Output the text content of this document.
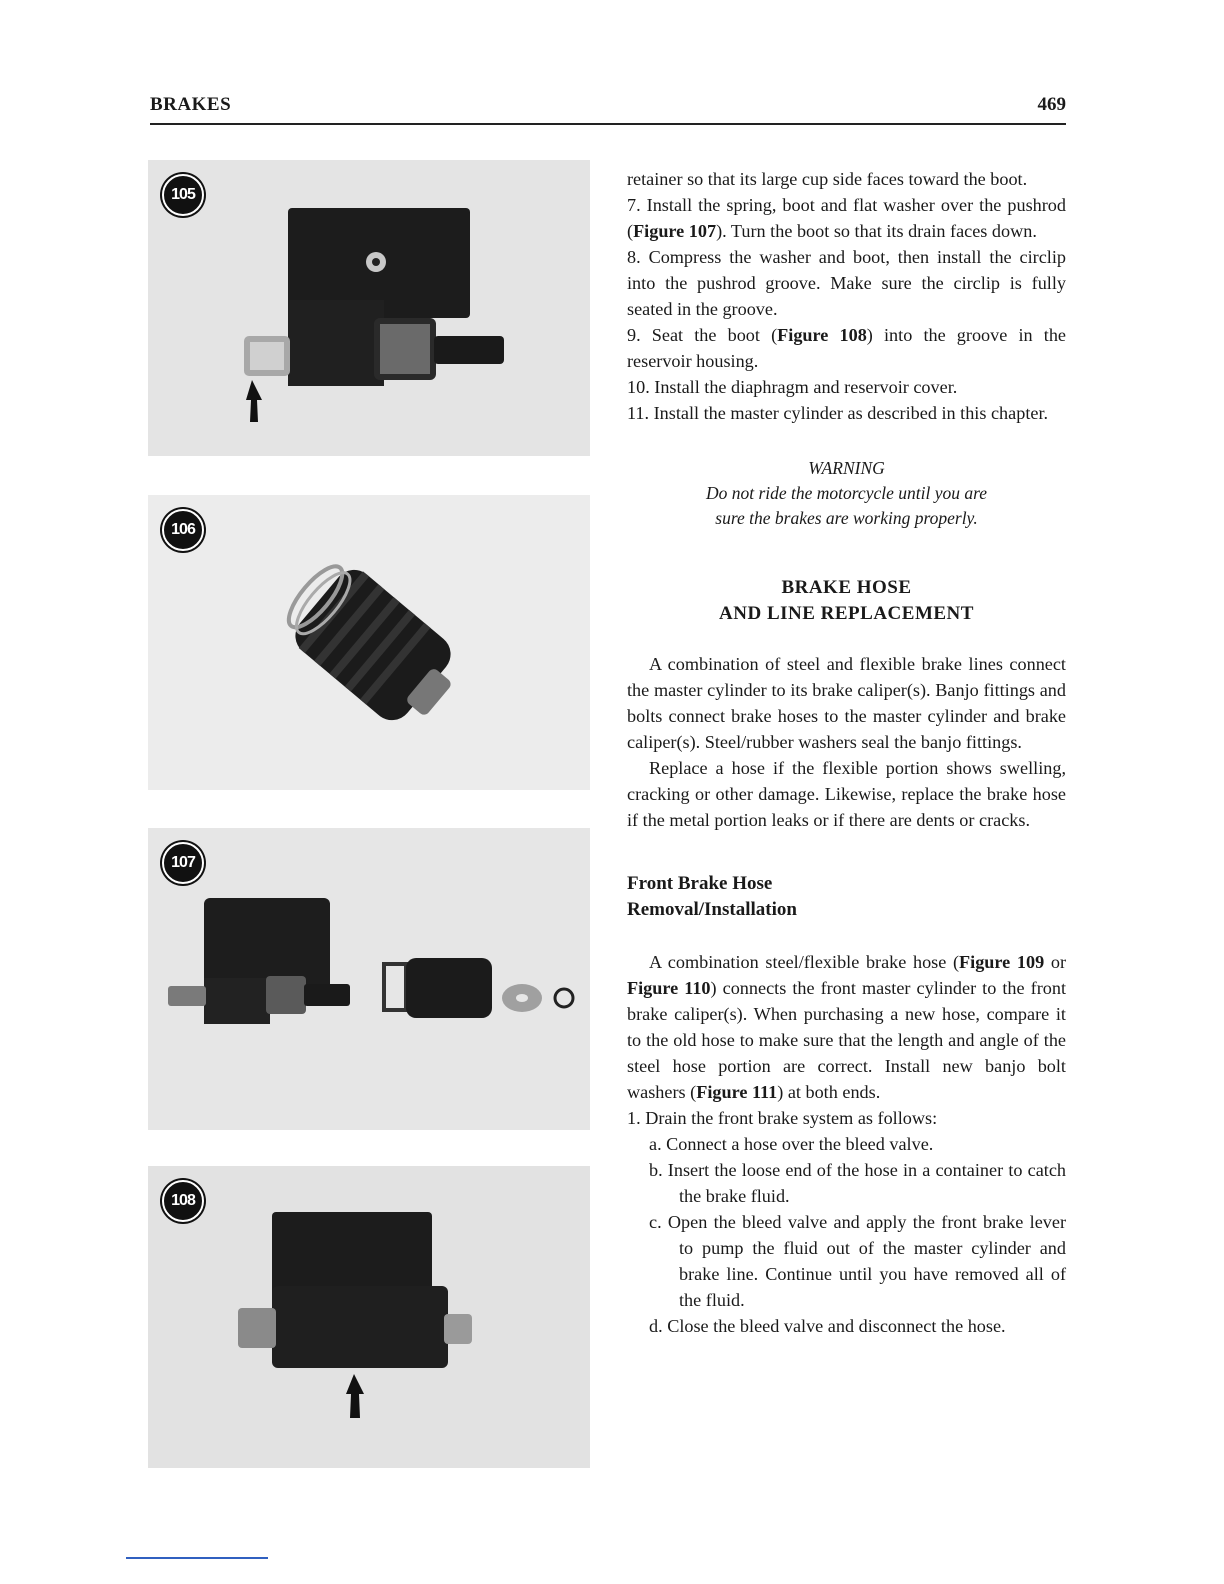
BRAKES	469
105
106
107
108

retainer so that its large cup side faces toward the boot.

7. Install the spring, boot and flat washer over the pushrod (Figure 107). Turn the boot so that its drain faces down.

8. Compress the washer and boot, then install the circlip into the pushrod groove. Make sure the circlip is fully seated in the groove.

9. Seat the boot (Figure 108) into the groove in the reservoir housing.

10. Install the diaphragm and reservoir cover.

11. Install the master cylinder as described in this chapter.

WARNING
Do not ride the motorcycle until you are
sure the brakes are working properly.
BRAKE HOSE
AND LINE REPLACEMENT

A combination of steel and flexible brake lines connect the master cylinder to its brake caliper(s). Banjo fittings and bolts connect brake hoses to the master cylinder and brake caliper(s). Steel/rubber washers seal the banjo fittings.

Replace a hose if the flexible portion shows swelling, cracking or other damage. Likewise, replace the brake hose if the metal portion leaks or if there are dents or cracks.

Front Brake Hose
Removal/Installation

A combination steel/flexible brake hose (Figure 109 or Figure 110) connects the front master cylinder to the front brake caliper(s). When purchasing a new hose, compare it to the old hose to make sure that the length and angle of the steel hose portion are correct. Install new banjo bolt washers (Figure 111) at both ends.

1. Drain the front brake system as follows:

a. Connect a hose over the bleed valve.

b. Insert the loose end of the hose in a container to catch the brake fluid.

c. Open the bleed valve and apply the front brake lever to pump the fluid out of the master cylinder and brake line. Continue until you have removed all of the fluid.

d. Close the bleed valve and disconnect the hose.
